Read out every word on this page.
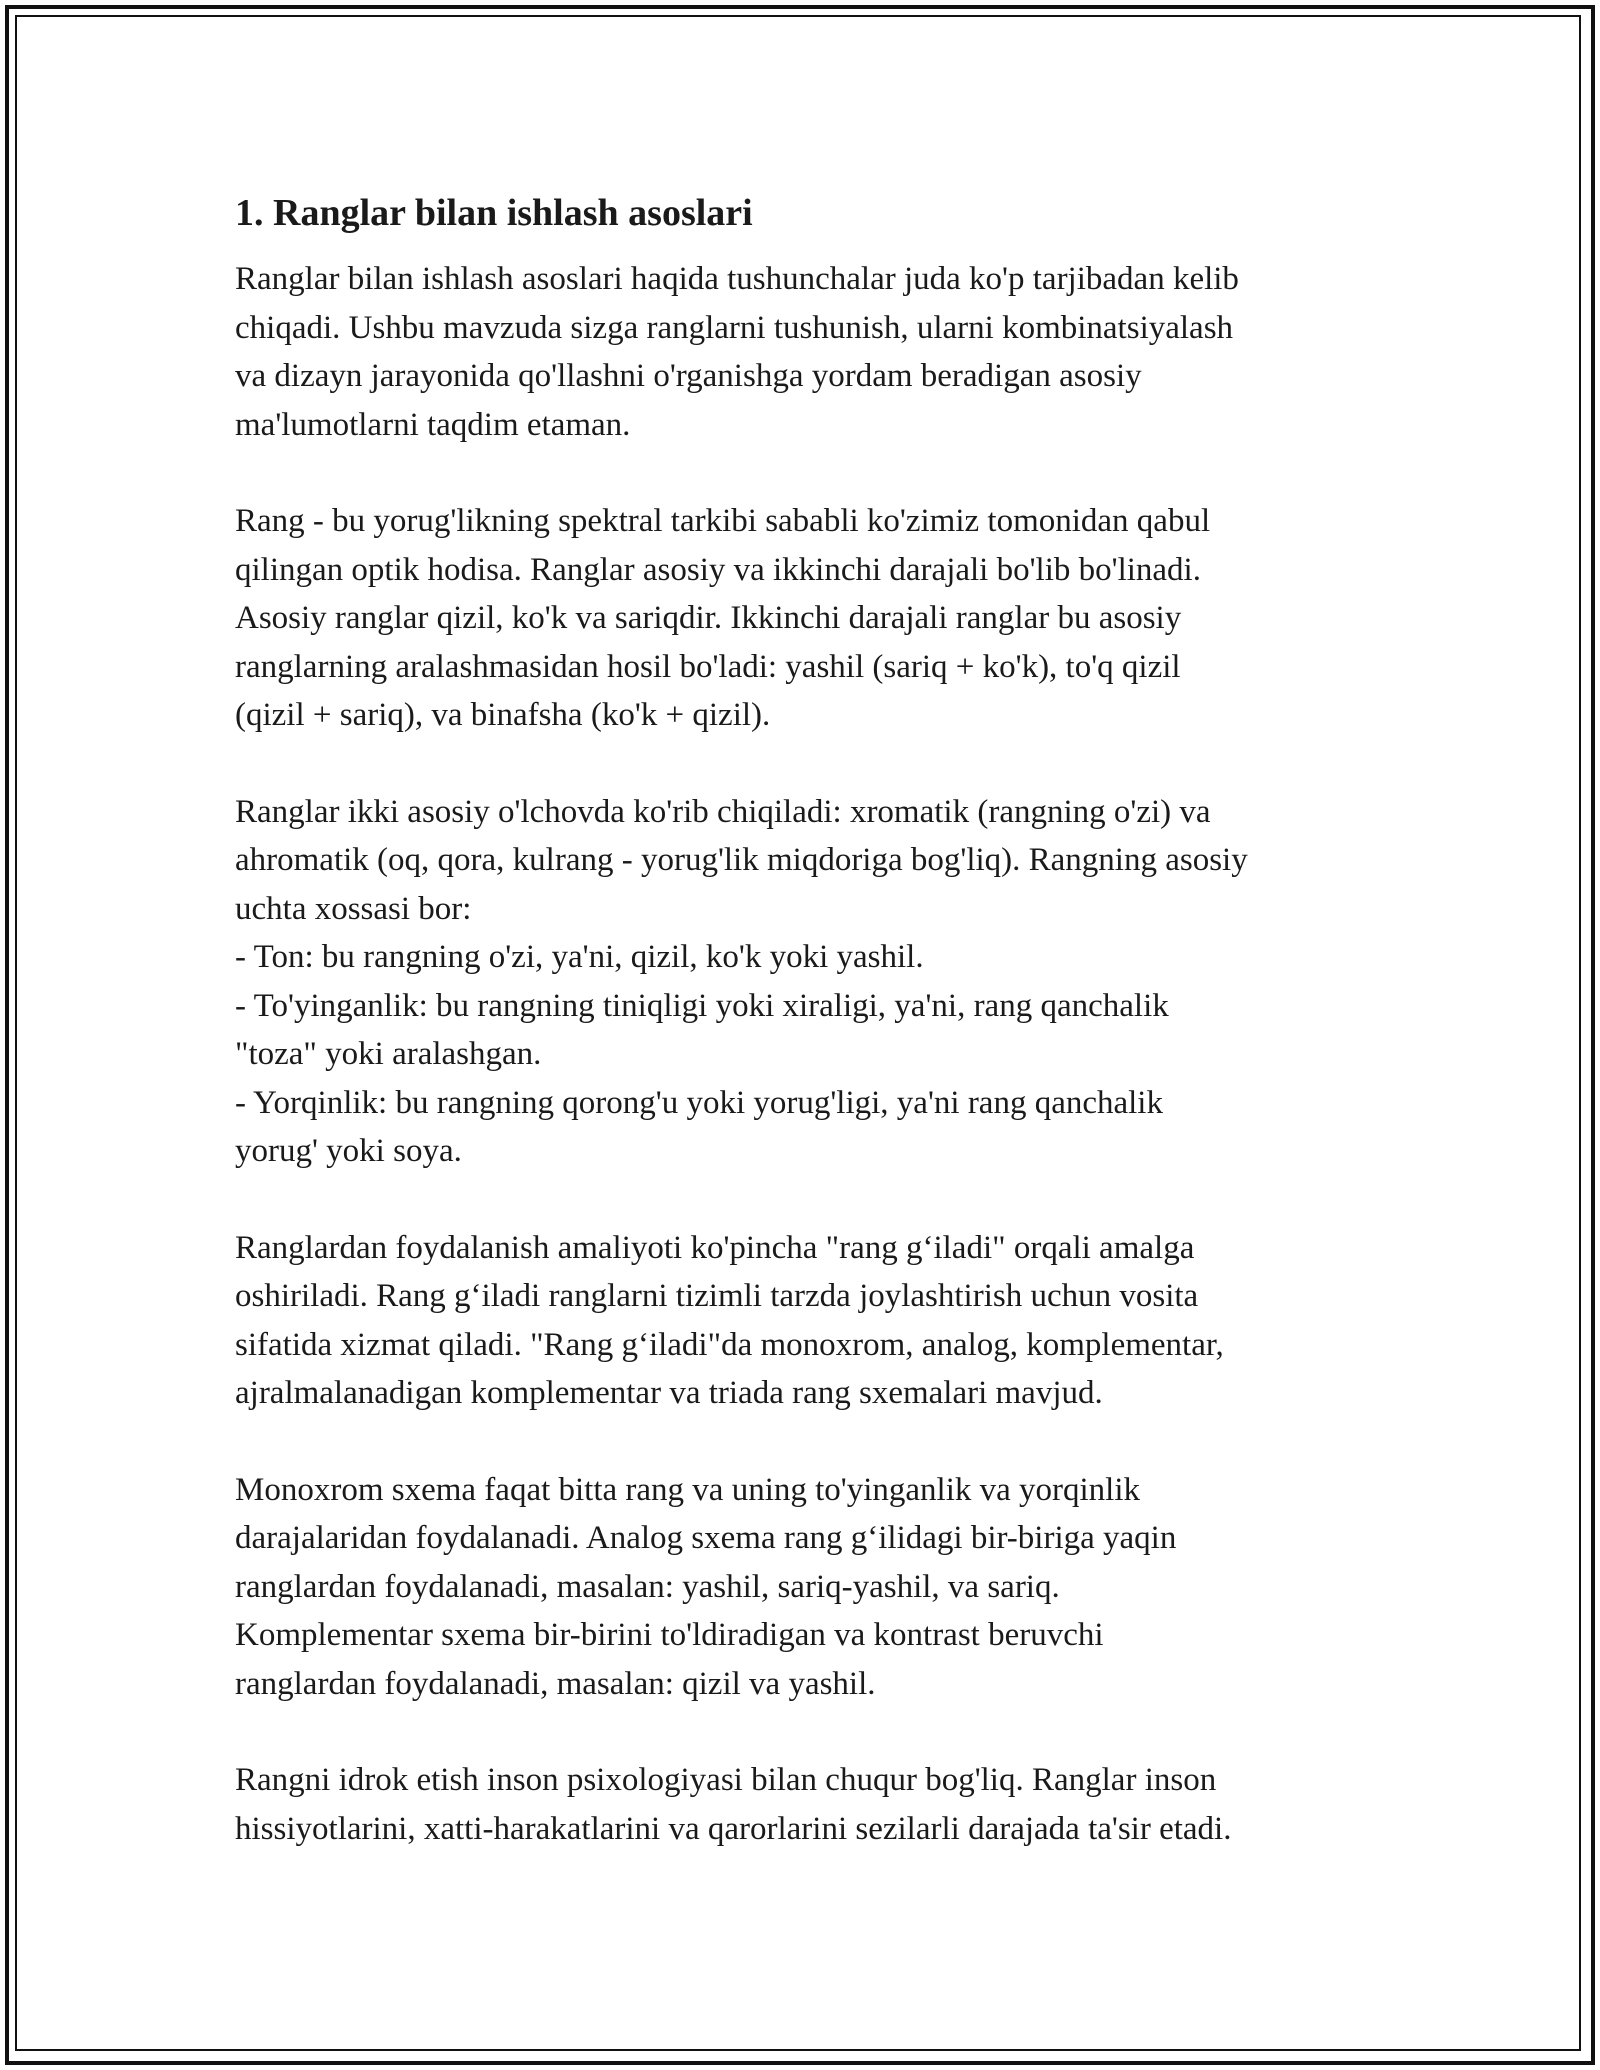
1. Ranglar bilan ishlash asoslari

Ranglar bilan ishlash asoslari haqida tushunchalar juda ko'p tarjibadan kelib
chiqadi. Ushbu mavzuda sizga ranglarni tushunish, ularni kombinatsiyalash
va dizayn jarayonida qo'llashni o'rganishga yordam beradigan asosiy
ma'lumotlarni taqdim etaman.

Rang - bu yorug'likning spektral tarkibi sababli ko'zimiz tomonidan qabul
qilingan optik hodisa. Ranglar asosiy va ikkinchi darajali bo'lib bo'linadi.
Asosiy ranglar qizil, ko'k va sariqdir. Ikkinchi darajali ranglar bu asosiy
ranglarning aralashmasidan hosil bo'ladi: yashil (sariq + ko'k), to'q qizil
(qizil + sariq), va binafsha (ko'k + qizil).

Ranglar ikki asosiy o'lchovda ko'rib chiqiladi: xromatik (rangning o'zi) va
ahromatik (oq, qora, kulrang - yorug'lik miqdoriga bog'liq). Rangning asosiy
uchta xossasi bor:
- Ton: bu rangning o'zi, ya'ni, qizil, ko'k yoki yashil.
- To'yinganlik: bu rangning tiniqligi yoki xiraligi, ya'ni, rang qanchalik
"toza" yoki aralashgan.
- Yorqinlik: bu rangning qorong'u yoki yorug'ligi, ya'ni rang qanchalik
yorug' yoki soya.

Ranglardan foydalanish amaliyoti ko'pincha "rang g‘iladi" orqali amalga
oshiriladi. Rang g‘iladi ranglarni tizimli tarzda joylashtirish uchun vosita
sifatida xizmat qiladi. "Rang g‘iladi"da monoxrom, analog, komplementar,
ajralmalanadigan komplementar va triada rang sxemalari mavjud.

Monoxrom sxema faqat bitta rang va uning to'yinganlik va yorqinlik
darajalaridan foydalanadi. Analog sxema rang g‘ilidagi bir-biriga yaqin
ranglardan foydalanadi, masalan: yashil, sariq-yashil, va sariq.
Komplementar sxema bir-birini to'ldiradigan va kontrast beruvchi
ranglardan foydalanadi, masalan: qizil va yashil.

Rangni idrok etish inson psixologiyasi bilan chuqur bog'liq. Ranglar inson
hissiyotlarini, xatti-harakatlarini va qarorlarini sezilarli darajada ta'sir etadi.
